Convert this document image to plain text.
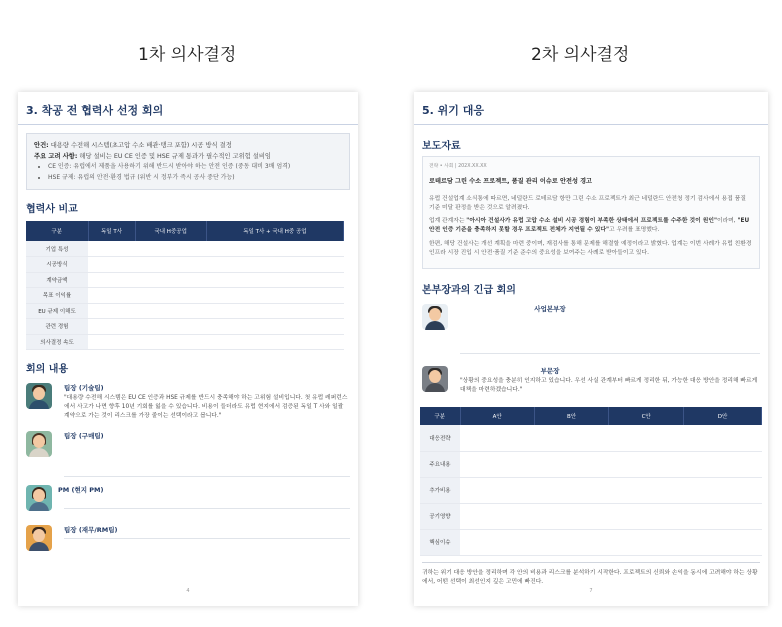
1차 의사결정	2차 의사결정
3. 착공 전 협력사 선정 회의
안건: 대용량 수전해 시스템(초고압 수소 배관·탱크 포함) 시공 방식 결정
주요 고려 사항: 해당 설비는 EU CE 인증 및 HSE 규제 통과가 필수적인 고위험 설비임
• CE 인증: 유럽에서 제품을 사용하기 위해 반드시 받아야 하는 안전 인증 (중동 대비 3배 엄격)
• HSE 규제: 유럽의 안전·환경 법규 (위반 시 정부가 즉시 공사 중단 가능)
협력사 비교
구분	독일 T사	국내 H중공업	독일 T사 + 국내 H중 공업
기업 특성			
시공방식			
계약금액			
목표 이익률			
EU 규제 이해도			
관련 경험			
의사결정 속도			
회의 내용
팀장 (기술팀)
"대용량 수전해 시스템은 EU CE 인증과 HSE 규제를 반드시 충족해야 하는 고위험 설비입니다. 첫 유럽 레퍼런스에서 사고가 나면 향후 10년 기회를 잃을 수 있습니다. 비용이 들더라도 유럽 현지에서 검증된 독일 T 사와 일괄 계약으로 가는 것이 리스크를 가장 줄이는 선택이라고 봅니다."
팀장 (구매팀)
PM (현지 PM)
팀장 (재무/RM팀)
4
5. 위기 대응
보도자료
전략 • 사회 | 202X.XX.XX
로테르담 그린 수소 프로젝트, 품질 관리 이슈로 안전성 경고

유럽 건설업계 소식통에 따르면, 네덜란드 로테르담 항만 그린 수소 프로젝트가 최근 네덜란드 안전청 정기 검사에서 용접 품질 기준 미달 판정을 받은 것으로 알려졌다.

업계 관계자는 "아시아 건설사가 유럽 고압 수소 설비 시공 경험이 부족한 상태에서 프로젝트를 수주한 것이 원인"이라며, "EU 안전 인증 기준을 충족하지 못할 경우 프로젝트 전체가 지연될 수 있다"고 우려를 표명했다.

한편, 해당 건설사는 개선 계획을 마련 중이며, 재검사를 통해 문제를 해결할 예정이라고 밝혔다. 업계는 이번 사례가 유럽 친환경 인프라 시장 진입 시 안전·품질 기준 준수의 중요성을 보여주는 사례로 받아들이고 있다.

본부장과의 긴급 회의
사업본부장
부문장
"상황의 중요성을 충분히 인지하고 있습니다. 우선 사실 관계부터 빠르게 정리한 뒤, 가능한 대응 방안을 정리해 빠르게 대책을 마련하겠습니다."
구분	A안	B안	C안	D안
대응전략				
주요내용				
추가비용				
공기영향				
핵심이슈				
귀하는 위기 대응 방안을 정리하며 각 안의 비용과 리스크를 분석하기 시작한다. 프로젝트의 신뢰와 손익을 동시에 고려해야 하는 상황에서, 어떤 선택이 최선인지 깊은 고민에 빠진다.
7
